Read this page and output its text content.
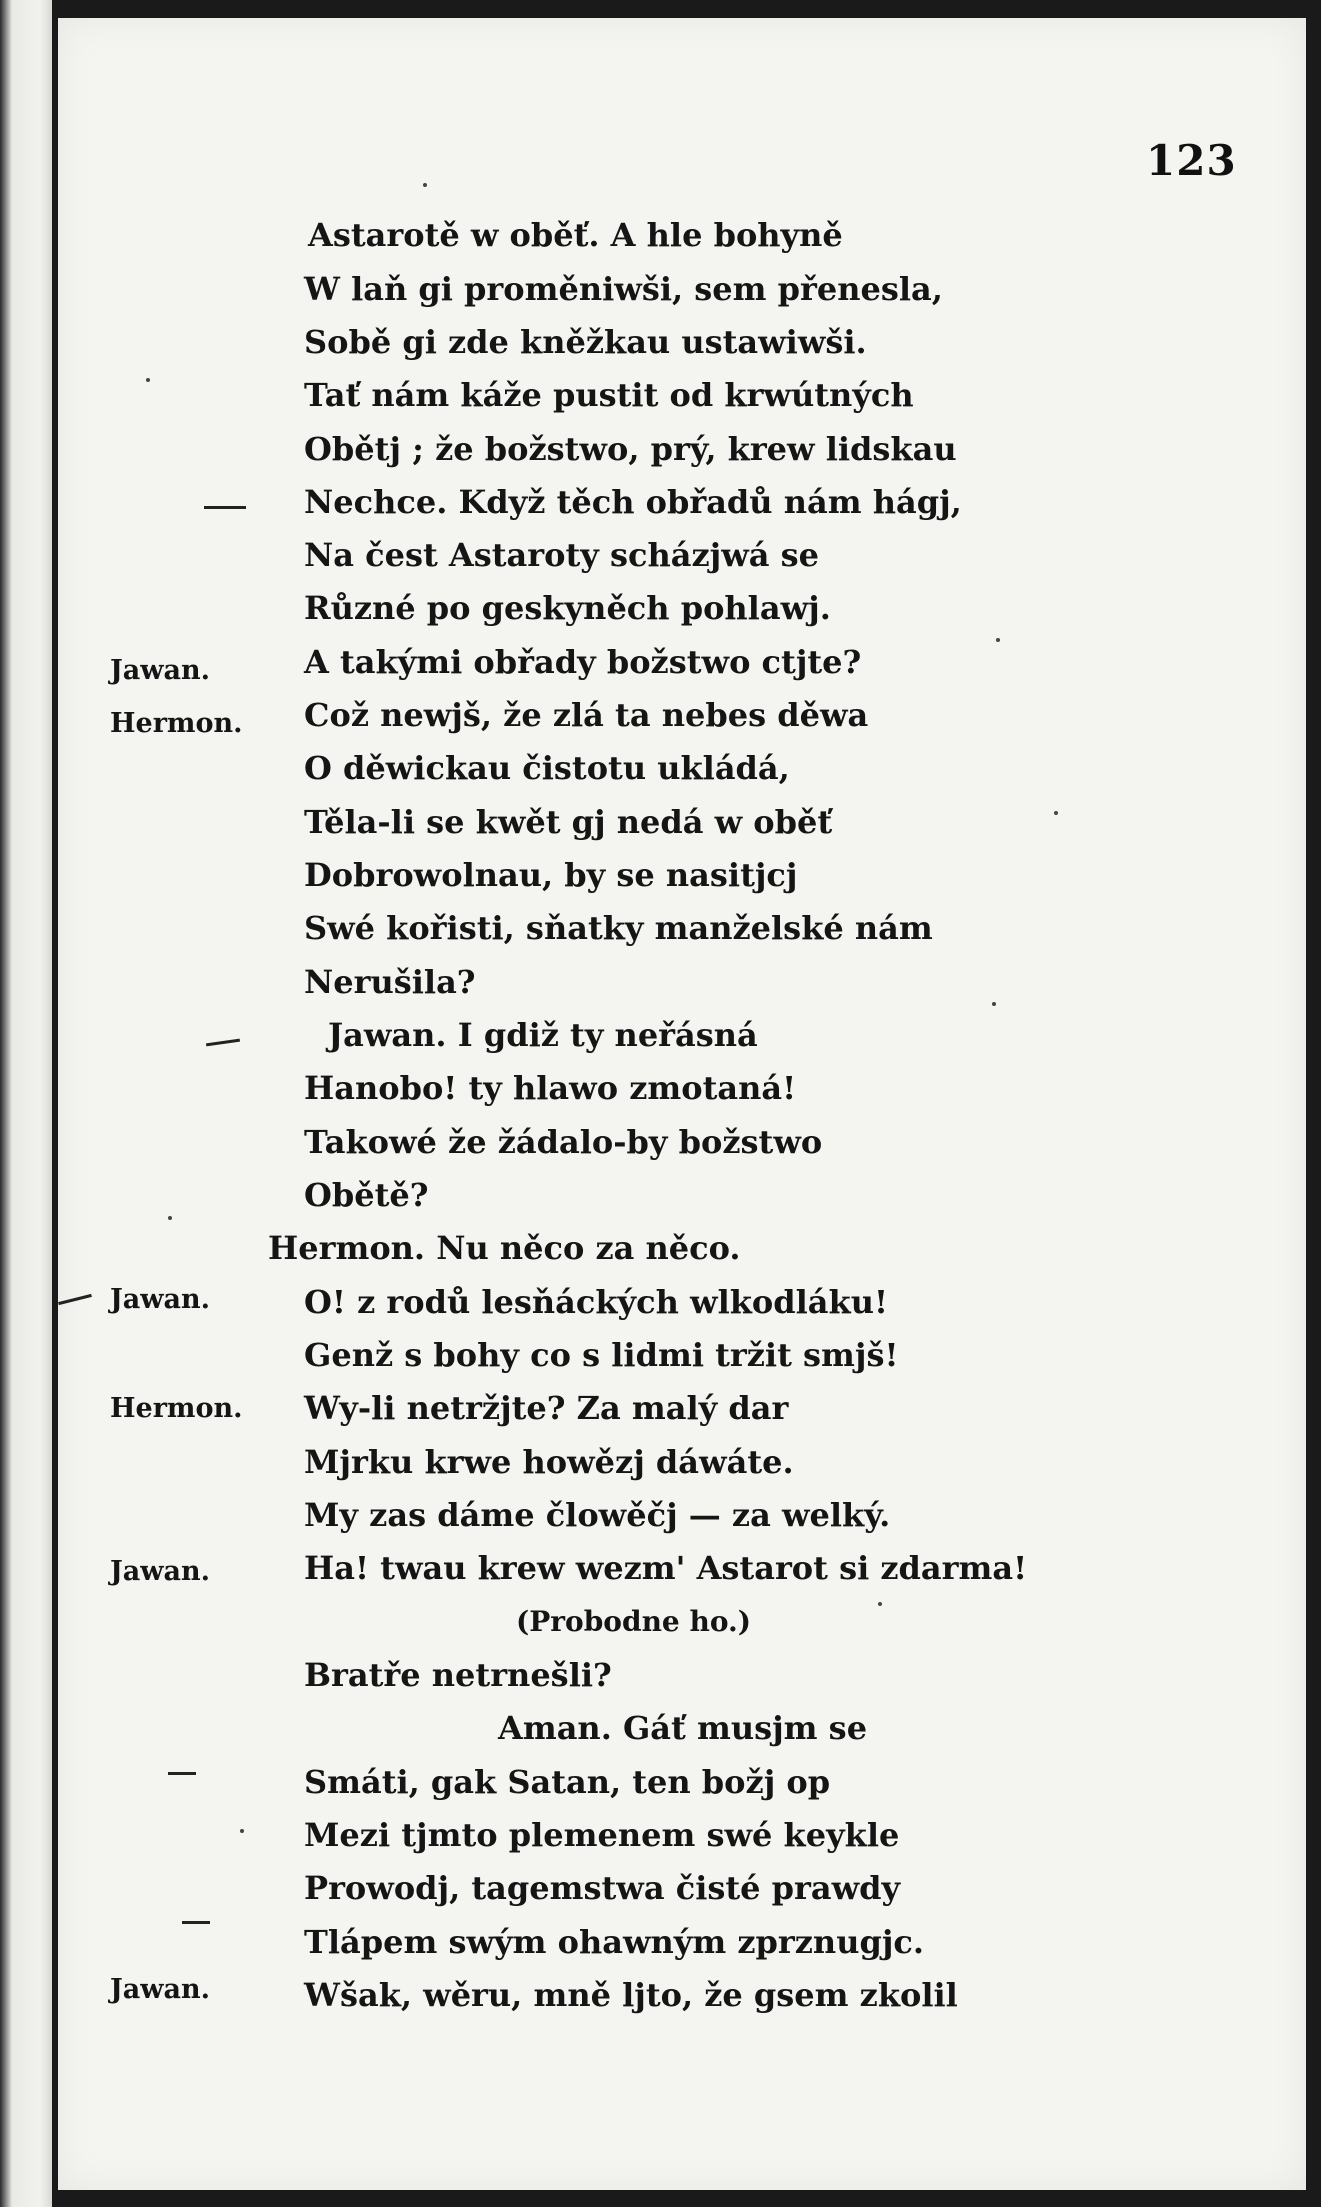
123
Jawan.
Hermon.
Jawan.
Hermon.
Jawan.
Jawan.
Astarotě w oběť. A hle bohyně
W laň gi proměniwši, sem přenesla,
Sobě gi zde kněžkau ustawiwši.
Tať nám káže pustit od krwútných
Obětj ; že božstwo, prý, krew lidskau
Nechce. Když těch obřadů nám hágj,
Na čest Astaroty scházjwá se
Různé po geskyněch pohlawj.
A takými obřady božstwo ctjte?
Což newjš, že zlá ta nebes děwa
O děwickau čistotu ukládá,
Těla-li se kwět gj nedá w oběť
Dobrowolnau, by se nasitjcj
Swé kořisti, sňatky manželské nám
Nerušila?
Jawan. I gdiž ty neřásná
Hanobo! ty hlawo zmotaná!
Takowé že žádalo-by božstwo
Obětě?
Hermon. Nu něco za něco.
O! z rodů lesňáckých wlkodláku!
Genž s bohy co s lidmi tržit smjš!
Wy-li netržjte? Za malý dar
Mjrku krwe howězj dáwáte.
My zas dáme člowěčj — za welký.
Ha! twau krew wezm' Astarot si zdarma!
(Probodne ho.)
Bratře netrnešli?
Aman. Gáť musjm se
Smáti, gak Satan, ten božj op
Mezi tjmto plemenem swé keykle
Prowodj, tagemstwa čisté prawdy
Tlápem swým ohawným zprznugjc.
Wšak, wěru, mně ljto, že gsem zkolil
